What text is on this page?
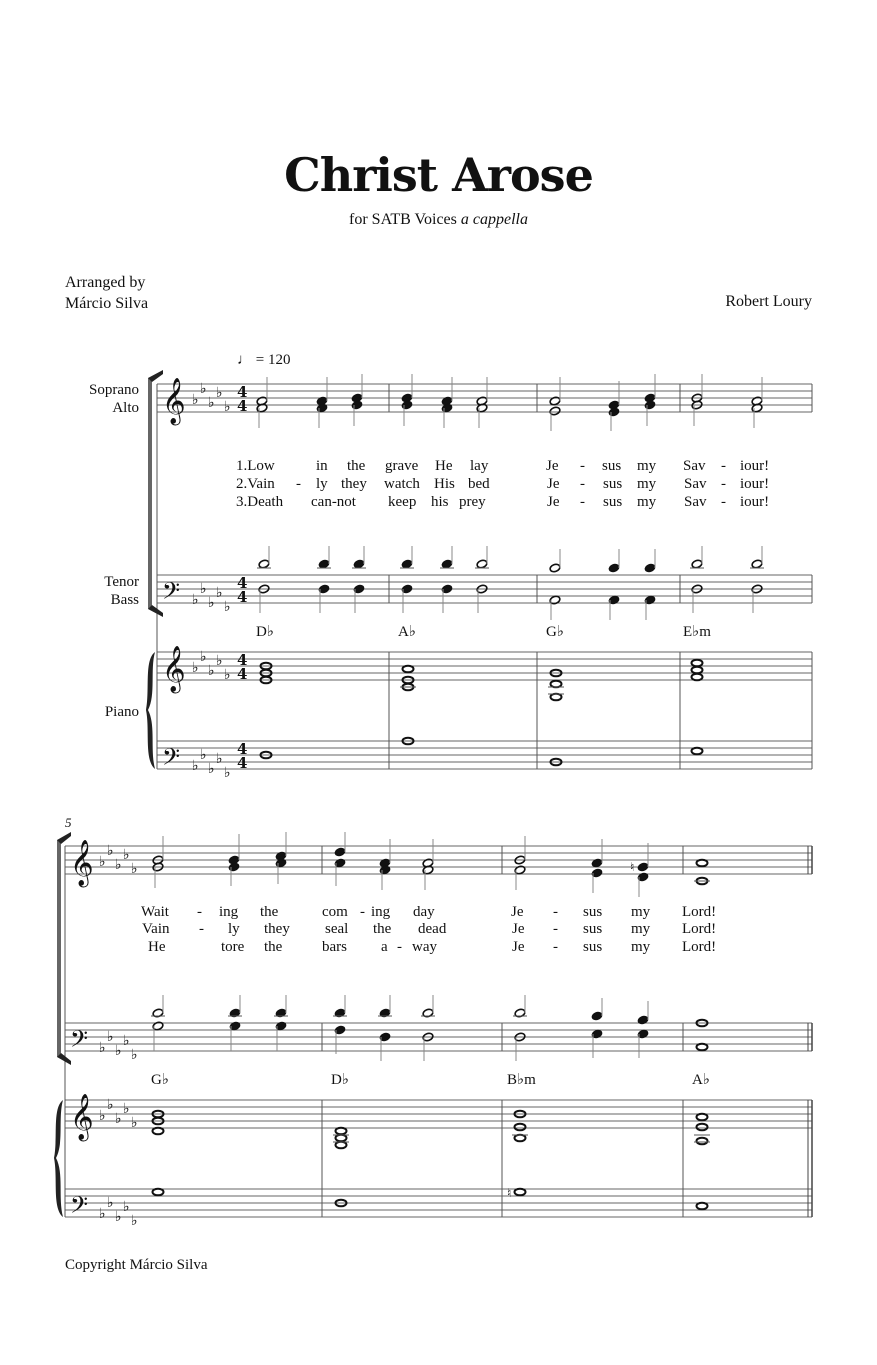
Christ Arose
for SATB Voices a cappella
Arranged by
Márcio Silva	Robert Loury
♩ = 120
Soprano
Alto
Tenor
Bass
Piano
5
D♭	A♭	G♭	E♭m
G♭	D♭	B♭m	A♭
1.Low	in the grave He lay	Je - sus my Sav - iour!
2.Vain - ly they watch His bed	Je - sus my Sav - iour!
3.Death can-not keep his prey	Je - sus my Sav - iour!
Wait - ing the	com - ing day	Je - sus my Lord!
Vain - ly they seal the dead	Je - sus my Lord!
He	tore the	bars a - way	Je - sus my Lord!
Copyright Márcio Silva
𝄞
𝄢
𝄞
𝄢
♭
♭
♭
♭
♭
♭
♭
♭
♭
♭
♭
♭
♭
♭
♭
♭
♭
♭
♭
♭
4
4
4
4
4
4
4
4
𝄞
𝄢
𝄞
𝄢
♭
♭
♭
♭
♭
♭
♭
♭
♭
♭
♭
♭
♭
♭
♭
♭
♭
♭
♭
♭
♮
♮
